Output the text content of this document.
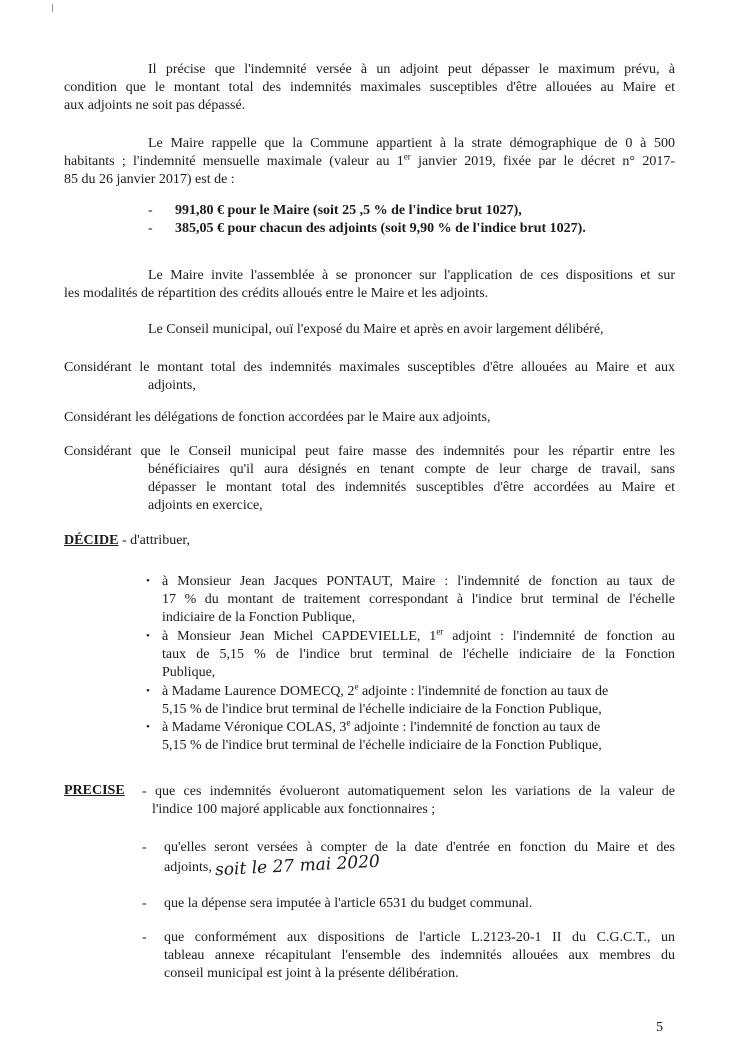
Il précise que l'indemnité versée à un adjoint peut dépasser le maximum prévu, à
condition que le montant total des indemnités maximales susceptibles d'être allouées au Maire et
aux adjoints ne soit pas dépassé.
Le Maire rappelle que la Commune appartient à la strate démographique de 0 à 500
habitants ; l'indemnité mensuelle maximale (valeur au 1er janvier 2019, fixée par le décret n° 2017-
85 du 26 janvier 2017) est de :
- 991,80 € pour le Maire (soit 25 ,5 % de l'indice brut 1027),
- 385,05 € pour chacun des adjoints (soit 9,90 % de l'indice brut 1027).
Le Maire invite l'assemblée à se prononcer sur l'application de ces dispositions et sur
les modalités de répartition des crédits alloués entre le Maire et les adjoints.
Le Conseil municipal, ouï l'exposé du Maire et après en avoir largement délibéré,
Considérant le montant total des indemnités maximales susceptibles d'être allouées au Maire et aux
adjoints,
Considérant les délégations de fonction accordées par le Maire aux adjoints,
Considérant que le Conseil municipal peut faire masse des indemnités pour les répartir entre les
bénéficiaires qu'il aura désignés en tenant compte de leur charge de travail, sans
dépasser le montant total des indemnités susceptibles d'être accordées au Maire et
adjoints en exercice,
DÉCIDE - d'attribuer,
• à Monsieur Jean Jacques PONTAUT, Maire : l'indemnité de fonction au taux de
17 % du montant de traitement correspondant à l'indice brut terminal de l'échelle
indiciaire de la Fonction Publique,
• à Monsieur Jean Michel CAPDEVIELLE, 1er adjoint : l'indemnité de fonction au
taux de 5,15 % de l'indice brut terminal de l'échelle indiciaire de la Fonction
Publique,
• à Madame Laurence DOMECQ, 2e adjointe : l'indemnité de fonction au taux de
5,15 % de l'indice brut terminal de l'échelle indiciaire de la Fonction Publique,
• à Madame Véronique COLAS, 3e adjointe : l'indemnité de fonction au taux de
5,15 % de l'indice brut terminal de l'échelle indiciaire de la Fonction Publique,
PRECISE - que ces indemnités évolueront automatiquement selon les variations de la valeur de
l'indice 100 majoré applicable aux fonctionnaires ;
- qu'elles seront versées à compter de la date d'entrée en fonction du Maire et des
adjoints, soit le 27 mai 2020
- que la dépense sera imputée à l'article 6531 du budget communal.
- que conformément aux dispositions de l'article L.2123-20-1 II du C.G.C.T., un
tableau annexe récapitulant l'ensemble des indemnités allouées aux membres du
conseil municipal est joint à la présente délibération.
5
